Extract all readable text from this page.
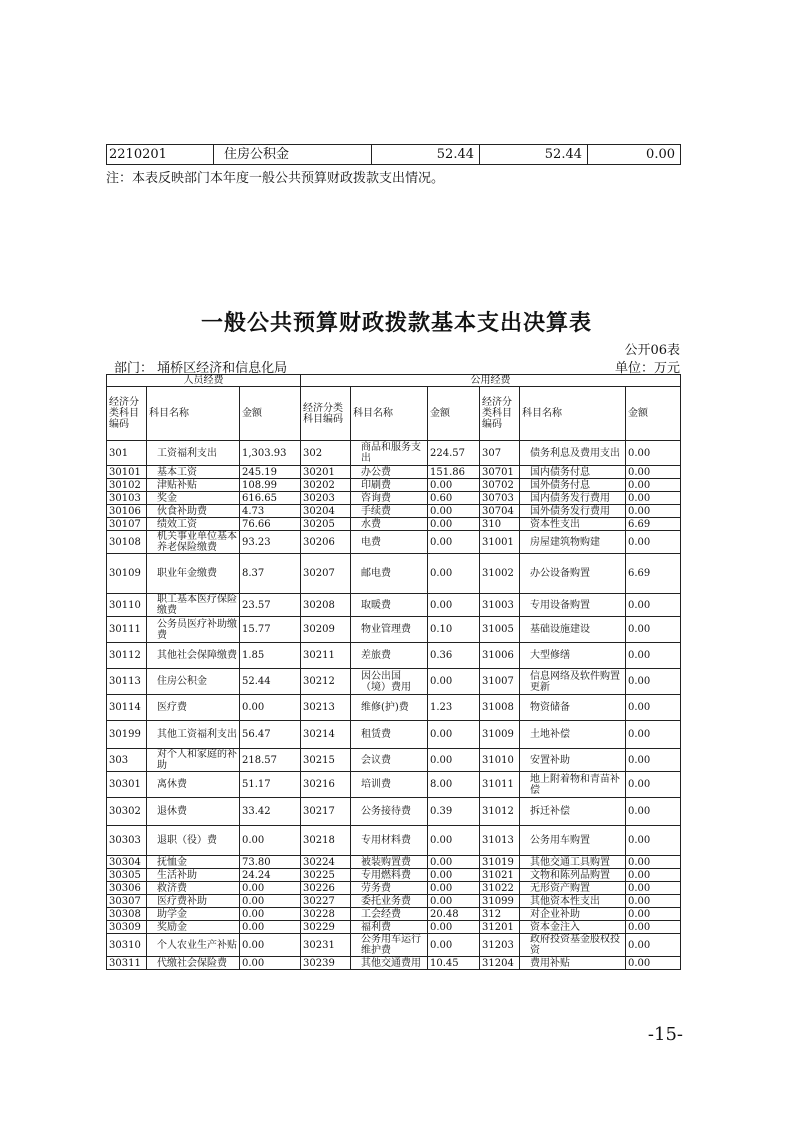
2210201	住房公积金	52.44	52.44	0.00
注：本表反映部门本年度一般公共预算财政拨款支出情况。
一般公共预算财政拨款基本支出决算表
公开06表
部门： 埇桥区经济和信息化局	单位：万元
人员经费			公用经费					
经济分类科目编码	科目名称	金额	经济分类科目编码	科目名称	金额	经济分类科目编码	科目名称	金额
301	工资福利支出	1,303.93	302	商品和服务支出	224.57	307	债务利息及费用支出	0.00
30101	基本工资	245.19	30201	办公费	151.86	30701	国内债务付息	0.00
30102	津贴补贴	108.99	30202	印刷费	0.00	30702	国外债务付息	0.00
30103	奖金	616.65	30203	咨询费	0.60	30703	国内债务发行费用	0.00
30106	伙食补助费	4.73	30204	手续费	0.00	30704	国外债务发行费用	0.00
30107	绩效工资	76.66	30205	水费	0.00	310	资本性支出	6.69
30108	机关事业单位基本养老保险缴费	93.23	30206	电费	0.00	31001	房屋建筑物购建	0.00
30109	职业年金缴费	8.37	30207	邮电费	0.00	31002	办公设备购置	6.69
30110	职工基本医疗保险缴费	23.57	30208	取暖费	0.00	31003	专用设备购置	0.00
30111	公务员医疗补助缴费	15.77	30209	物业管理费	0.10	31005	基础设施建设	0.00
30112	其他社会保障缴费	1.85	30211	差旅费	0.36	31006	大型修缮	0.00
30113	住房公积金	52.44	30212	因公出国（境）费用	0.00	31007	信息网络及软件购置更新	0.00
30114	医疗费	0.00	30213	维修(护)费	1.23	31008	物资储备	0.00
30199	其他工资福利支出	56.47	30214	租赁费	0.00	31009	土地补偿	0.00
303	对个人和家庭的补助	218.57	30215	会议费	0.00	31010	安置补助	0.00
30301	离休费	51.17	30216	培训费	8.00	31011	地上附着物和青苗补偿	0.00
30302	退休费	33.42	30217	公务接待费	0.39	31012	拆迁补偿	0.00
30303	退职（役）费	0.00	30218	专用材料费	0.00	31013	公务用车购置	0.00
30304	抚恤金	73.80	30224	被装购置费	0.00	31019	其他交通工具购置	0.00
30305	生活补助	24.24	30225	专用燃料费	0.00	31021	文物和陈列品购置	0.00
30306	救济费	0.00	30226	劳务费	0.00	31022	无形资产购置	0.00
30307	医疗费补助	0.00	30227	委托业务费	0.00	31099	其他资本性支出	0.00
30308	助学金	0.00	30228	工会经费	20.48	312	对企业补助	0.00
30309	奖励金	0.00	30229	福利费	0.00	31201	资本金注入	0.00
30310	个人农业生产补贴	0.00	30231	公务用车运行维护费	0.00	31203	政府投资基金股权投资	0.00
30311	代缴社会保险费	0.00	30239	其他交通费用	10.45	31204	费用补贴	0.00
-15-
